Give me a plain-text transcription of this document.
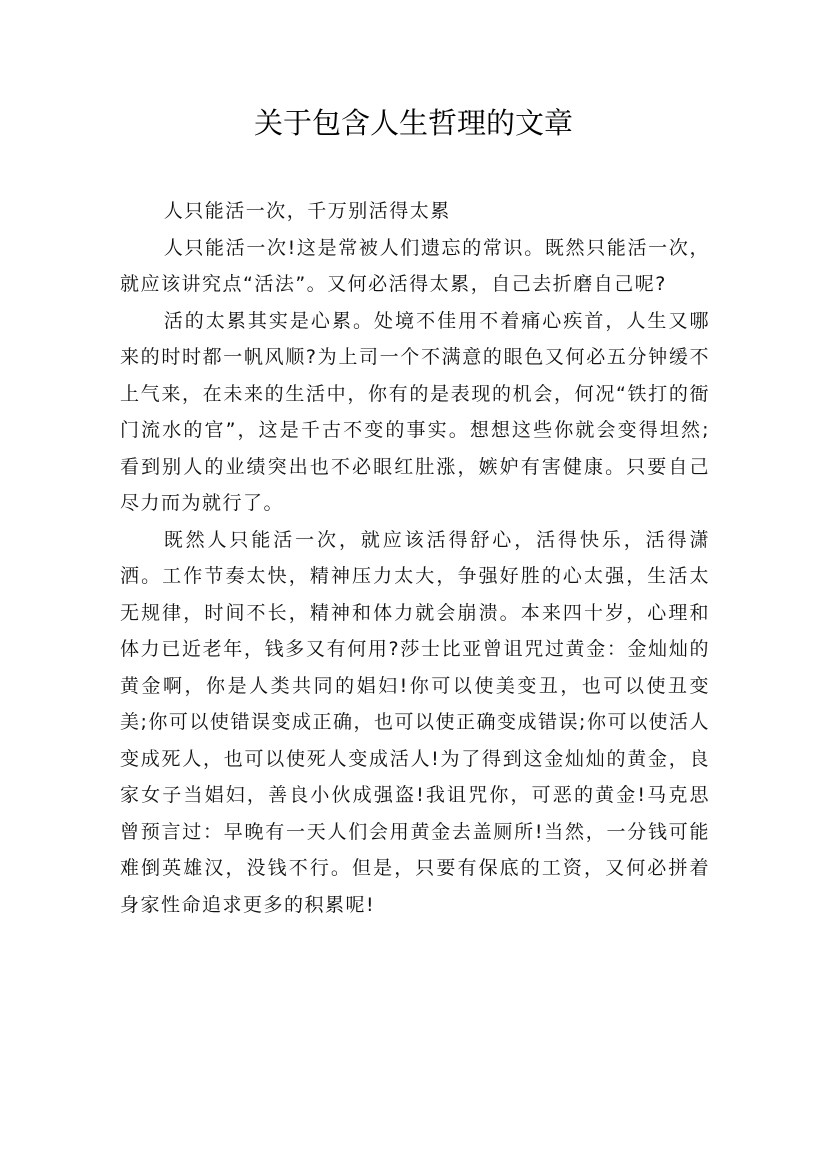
关于包含人生哲理的文章

人只能活一次，千万别活得太累

人只能活一次!这是常被人们遗忘的常识。既然只能活一次，就应该讲究点“活法”。又何必活得太累，自己去折磨自己呢?

活的太累其实是心累。处境不佳用不着痛心疾首，人生又哪来的时时都一帆风顺?为上司一个不满意的眼色又何必五分钟缓不上气来，在未来的生活中，你有的是表现的机会，何况“铁打的衙门流水的官”，这是千古不变的事实。想想这些你就会变得坦然;看到别人的业绩突出也不必眼红肚涨，嫉妒有害健康。只要自己尽力而为就行了。

既然人只能活一次，就应该活得舒心，活得快乐，活得潇洒。工作节奏太快，精神压力太大，争强好胜的心太强，生活太无规律，时间不长，精神和体力就会崩溃。本来四十岁，心理和体力已近老年，钱多又有何用?莎士比亚曾诅咒过黄金：金灿灿的黄金啊，你是人类共同的娼妇!你可以使美变丑，也可以使丑变美;你可以使错误变成正确，也可以使正确变成错误;你可以使活人变成死人，也可以使死人变成活人!为了得到这金灿灿的黄金，良家女子当娼妇，善良小伙成强盗!我诅咒你，可恶的黄金!马克思曾预言过：早晚有一天人们会用黄金去盖厕所!当然，一分钱可能难倒英雄汉，没钱不行。但是，只要有保底的工资，又何必拼着身家性命追求更多的积累呢!
